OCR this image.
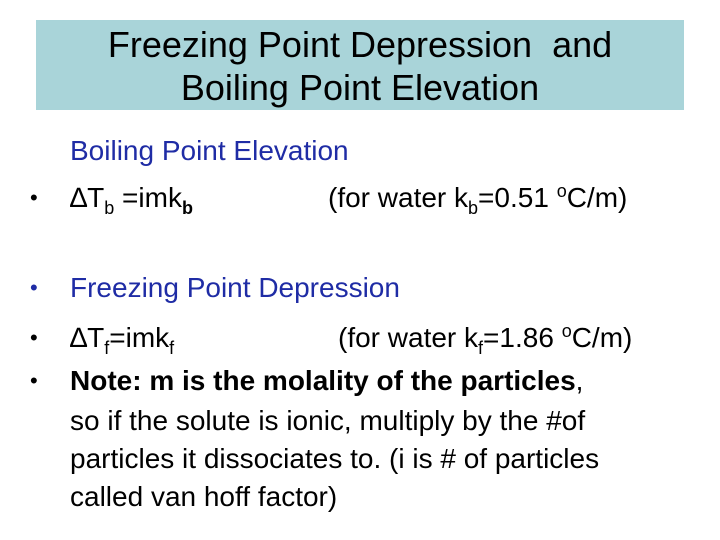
Freezing Point Depression  and
Boiling Point Elevation
Boiling Point Elevation
• $\Delta T_b =imk_b$	(for water $k_b=0.51$ $^o$C/m)
• Freezing Point Depression
• $\Delta T_f=imk_f$	(for water $k_f=1.86$ $^o$C/m)
• Note: m is the molality of the particles,
so if the solute is ionic, multiply by the #of
particles it dissociates to. (i is # of particles
called van hoff factor)
